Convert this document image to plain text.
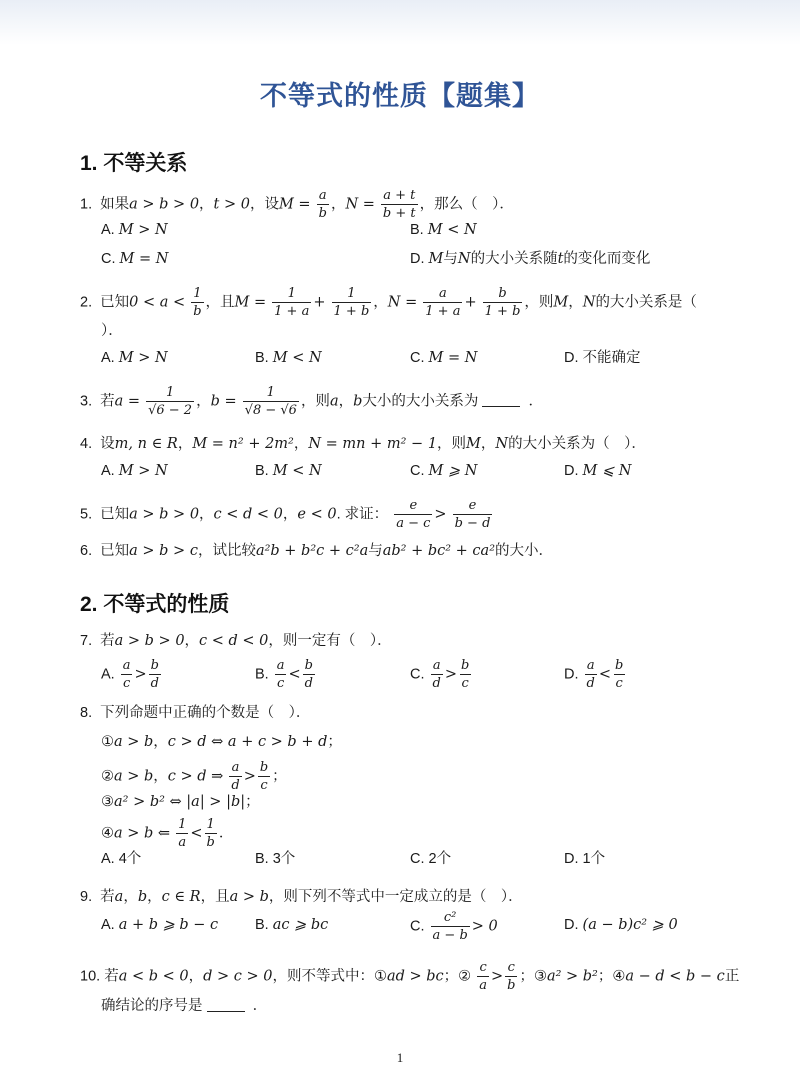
不等式的性质【题集】
1. 不等关系
1. 如果a > b > 0，t > 0，设$M = \frac{a}{b}$ ，$N = \frac{a + t}{b + t}$ ，那么（　）．
A. M > N	B. M < N
C. M = N	D. M与N的大小关系随t的变化而变化
2. 已知$0 < a < \frac{1}{b}$ ，且$M = \frac{1}{1 + a} + \frac{1}{1 + b}$ ，$N = \frac{a}{1 + a} + \frac{b}{1 + b}$ ，则M，N的大小关系是（
）．
A. M > N	B. M < N	C. M = N	D. 不能确定
3. 若$a = \frac{1}{√6 - 2}$ ，$b = \frac{1}{√8 - √6}$ ，则a，b大小的大小关系为	．
4. 设m, n ∈ R，M = n² + 2m²，N = mn + m² − 1，则M，N的大小关系为（　）．
A. M > N	B. M < N	C. M ⩾ N	D. M ⩽ N
5. 已知a > b > 0，c < d < 0，e < 0. 求证： $\frac{e}{a - c} > \frac{e}{b - d}$
6. 已知a > b > c，试比较a²b + b²c + c²a与ab² + bc² + ca²的大小．
2. 不等式的性质
7. 若a > b > 0，c < d < 0，则一定有（　）．
A. $\frac{a}{c} > \frac{b}{d}$	B. $\frac{a}{c} < \frac{b}{d}$	C. $\frac{a}{d} > \frac{b}{c}$	D. $\frac{a}{d} < \frac{b}{c}$
8. 下列命题中正确的个数是（　）．
①a > b，c > d ⇔ a + c > b + d；
②a > b，c > d ⇒ $\frac{a}{d} > \frac{b}{c}$ ；
③a² > b² ⇔ |a| > |b|；
④a > b ⇐ $\frac{1}{a} < \frac{1}{b}$ ．
A. 4个	B. 3个	C. 2个	D. 1个
9. 若a，b，c ∈ R，且a > b，则下列不等式中一定成立的是（　）．
A. a + b ⩾ b − c	B. ac ⩾ bc	C. $\frac{\text{c²}}{a - b} > 0$	D. (a − b)c² ⩾ 0
10. 若a < b < 0，d > c > 0，则不等式中：①ad > bc；② $\frac{c}{a} > \frac{c}{b}$ ；③a² > b²；④a − d < b − c正
确结论的序号是	．
1
